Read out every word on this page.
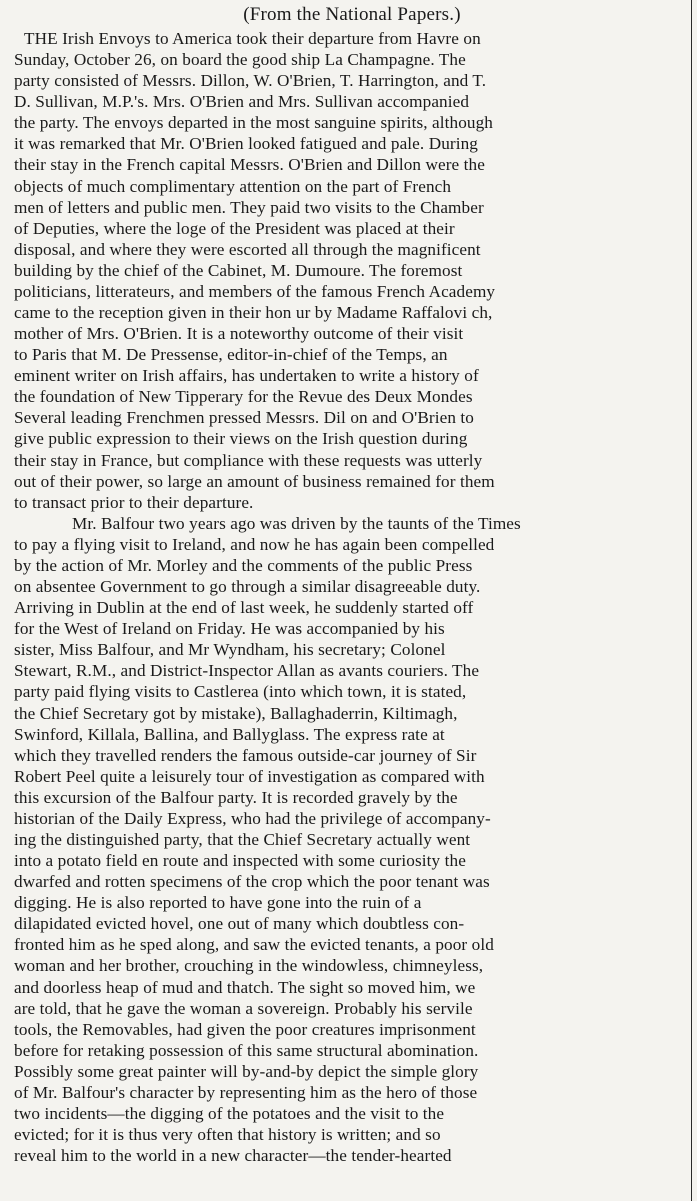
(From the National Papers.)
THE Irish Envoys to America took their departure from Havre on
Sunday, October 26, on board the good ship La Champagne. The
party consisted of Messrs. Dillon, W. O'Brien, T. Harrington, and T.
D. Sullivan, M.P.'s. Mrs. O'Brien and Mrs. Sullivan accompanied
the party. The envoys departed in the most sanguine spirits, although
it was remarked that Mr. O'Brien looked fatigued and pale. During
their stay in the French capital Messrs. O'Brien and Dillon were the
objects of much complimentary attention on the part of French
men of letters and public men. They paid two visits to the Chamber
of Deputies, where the loge of the President was placed at their
disposal, and where they were escorted all through the magnificent
building by the chief of the Cabinet, M. Dumoure. The foremost
politicians, litterateurs, and members of the famous French Academy
came to the reception given in their hon ur by Madame Raffalovi ch,
mother of Mrs. O'Brien. It is a noteworthy outcome of their visit
to Paris that M. De Pressense, editor-in-chief of the Temps, an
eminent writer on Irish affairs, has undertaken to write a history of
the foundation of New Tipperary for the Revue des Deux Mondes
Several leading Frenchmen pressed Messrs. Dil on and O'Brien to
give public expression to their views on the Irish question during
their stay in France, but compliance with these requests was utterly
out of their power, so large an amount of business remained for them
to transact prior to their departure.
Mr. Balfour two years ago was driven by the taunts of the Times
to pay a flying visit to Ireland, and now he has again been compelled
by the action of Mr. Morley and the comments of the public Press
on absentee Government to go through a similar disagreeable duty.
Arriving in Dublin at the end of last week, he suddenly started off
for the West of Ireland on Friday. He was accompanied by his
sister, Miss Balfour, and Mr Wyndham, his secretary; Colonel
Stewart, R.M., and District-Inspector Allan as avants couriers. The
party paid flying visits to Castlerea (into which town, it is stated,
the Chief Secretary got by mistake), Ballaghaderrin, Kiltimagh,
Swinford, Killala, Ballina, and Ballyglass. The express rate at
which they travelled renders the famous outside-car journey of Sir
Robert Peel quite a leisurely tour of investigation as compared with
this excursion of the Balfour party. It is recorded gravely by the
historian of the Daily Express, who had the privilege of accompany-
ing the distinguished party, that the Chief Secretary actually went
into a potato field en route and inspected with some curiosity the
dwarfed and rotten specimens of the crop which the poor tenant was
digging. He is also reported to have gone into the ruin of a
dilapidated evicted hovel, one out of many which doubtless con-
fronted him as he sped along, and saw the evicted tenants, a poor old
woman and her brother, crouching in the windowless, chimneyless,
and doorless heap of mud and thatch. The sight so moved him, we
are told, that he gave the woman a sovereign. Probably his servile
tools, the Removables, had given the poor creatures imprisonment
before for retaking possession of this same structural abomination.
Possibly some great painter will by-and-by depict the simple glory
of Mr. Balfour's character by representing him as the hero of those
two incidents—the digging of the potatoes and the visit to the
evicted; for it is thus very often that history is written; and so
reveal him to the world in a new character—the tender-hearted
